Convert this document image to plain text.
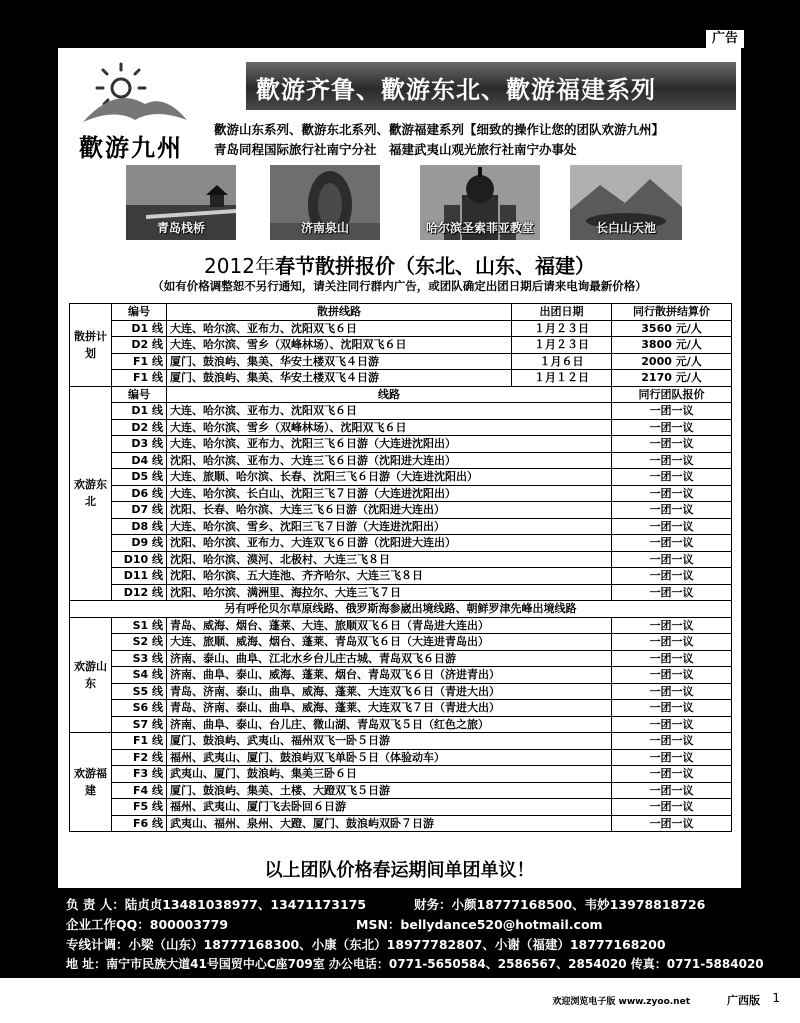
广告
歡游九州
歡游齐鲁、歡游东北、歡游福建系列
歡游山东系列、歡游东北系列、歡游福建系列【细致的操作让您的团队欢游九州】
青岛同程国际旅行社南宁分社　福建武夷山观光旅行社南宁办事处
青岛栈桥	济南泉山	哈尔滨圣索菲亚教堂	长白山天池
2012年春节散拼报价（东北、山东、福建）
（如有价格调整恕不另行通知，请关注同行群内广告，或团队确定出团日期后请来电询最新价格）
散拼计划	编号	散拼线路	出团日期	同行散拼结算价
	D1 线	大连、哈尔滨、亚布力、沈阳双飞６日	１月２３日	3560 元/人
	D2 线	大连、哈尔滨、雪乡（双峰林场）、沈阳双飞６日	１月２３日	3800 元/人
	F1 线	厦门、鼓浪屿、集美、华安土楼双飞４日游	１月６日	2000 元/人
	F1 线	厦门、鼓浪屿、集美、华安土楼双飞４日游	１月１２日	2170 元/人
欢游东北	编号	线路		同行团队报价
	D1 线	大连、哈尔滨、亚布力、沈阳双飞６日		一团一议
	D2 线	大连、哈尔滨、雪乡（双峰林场）、沈阳双飞６日		一团一议
	D3 线	大连、哈尔滨、亚布力、沈阳三飞６日游（大连进沈阳出）		一团一议
	D4 线	沈阳、哈尔滨、亚布力、大连三飞６日游（沈阳进大连出）		一团一议
	D5 线	大连、旅顺、哈尔滨、长春、沈阳三飞６日游（大连进沈阳出）		一团一议
	D6 线	大连、哈尔滨、长白山、沈阳三飞７日游（大连进沈阳出）		一团一议
	D7 线	沈阳、长春、哈尔滨、大连三飞６日游（沈阳进大连出）		一团一议
	D8 线	大连、哈尔滨、雪乡、沈阳三飞７日游（大连进沈阳出）		一团一议
	D9 线	沈阳、哈尔滨、亚布力、大连双飞６日游（沈阳进大连出）		一团一议
	D10 线	沈阳、哈尔滨、漠河、北极村、大连三飞８日		一团一议
	D11 线	沈阳、哈尔滨、五大连池、齐齐哈尔、大连三飞８日		一团一议
	D12 线	沈阳、哈尔滨、满洲里、海拉尔、大连三飞７日		一团一议
另有呼伦贝尔草原线路、俄罗斯海参崴出境线路、朝鲜罗津先峰出境线路				
欢游山东	S1 线	青岛、威海、烟台、蓬莱、大连、旅顺双飞６日（青岛进大连出）		一团一议
	S2 线	大连、旅顺、威海、烟台、蓬莱、青岛双飞６日（大连进青岛出）		一团一议
	S3 线	济南、泰山、曲阜、江北水乡台儿庄古城、青岛双飞６日游		一团一议
	S4 线	济南、曲阜、泰山、威海、蓬莱、烟台、青岛双飞６日（济进青出）		一团一议
	S5 线	青岛、济南、泰山、曲阜、威海、蓬莱、大连双飞６日（青进大出）		一团一议
	S6 线	青岛、济南、泰山、曲阜、威海、蓬莱、大连双飞７日（青进大出）		一团一议
	S7 线	济南、曲阜、泰山、台儿庄、微山湖、青岛双飞５日（红色之旅）		一团一议
欢游福建	F1 线	厦门、鼓浪屿、武夷山、福州双飞一卧５日游		一团一议
	F2 线	福州、武夷山、厦门、鼓浪屿双飞单卧５日（体验动车）		一团一议
	F3 线	武夷山、厦门、鼓浪屿、集美三卧６日		一团一议
	F4 线	厦门、鼓浪屿、集美、土楼、大蹬双飞５日游		一团一议
	F5 线	福州、武夷山、厦门飞去卧回６日游		一团一议
	F6 线	武夷山、福州、泉州、大蹬、厦门、鼓浪屿双卧７日游		一团一议
以上团队价格春运期间单团单议！
负 责 人：陆贞贞13481038977、13471173175	财务：小颜18777168500、韦妙13978818726
企业工作QQ：800003779	MSN：bellydance520@hotmail.com
专线计调：小梁（山东）18777168300、小康（东北）18977782807、小谢（福建）18777168200
地 址：南宁市民族大道41号国贸中心C座709室 办公电话：0771-5650584、2586567、2854020 传真：0771-5884020
欢迎浏览电子版 www.zyoo.net	广西版 1
